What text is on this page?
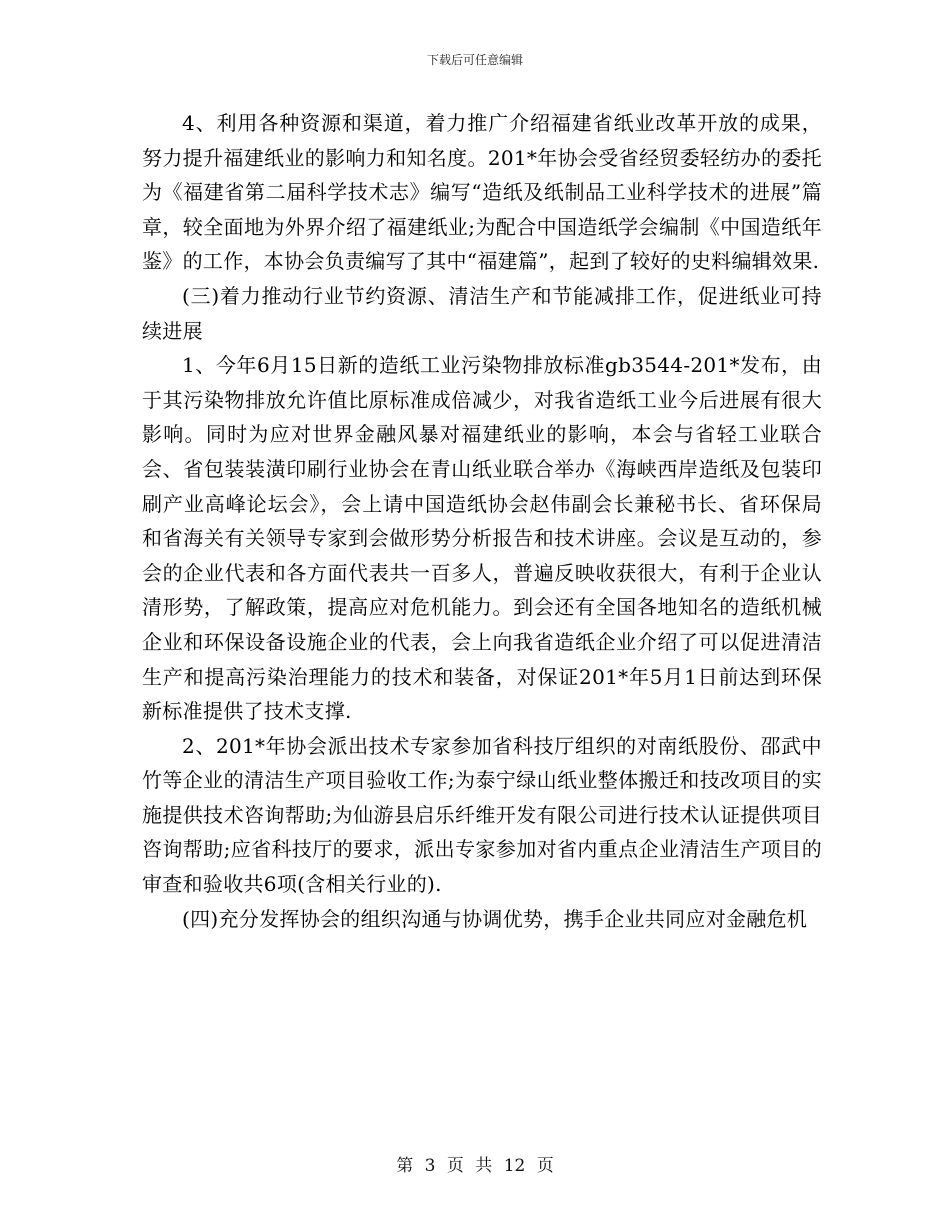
下载后可任意编辑

4、利用各种资源和渠道，着力推广介绍福建省纸业改革开放的成果，努力提升福建纸业的影响力和知名度。201*年协会受省经贸委轻纺办的委托为《福建省第二届科学技术志》编写“造纸及纸制品工业科学技术的进展”篇章，较全面地为外界介绍了福建纸业;为配合中国造纸学会编制《中国造纸年鉴》的工作，本协会负责编写了其中“福建篇”，起到了较好的史料编辑效果.

(三)着力推动行业节约资源、清洁生产和节能减排工作，促进纸业可持续进展

1、今年6月15日新的造纸工业污染物排放标准gb3544-201*发布，由于其污染物排放允许值比原标准成倍减少，对我省造纸工业今后进展有很大影响。同时为应对世界金融风暴对福建纸业的影响，本会与省轻工业联合会、省包装装潢印刷行业协会在青山纸业联合举办《海峡西岸造纸及包装印刷产业高峰论坛会》，会上请中国造纸协会赵伟副会长兼秘书长、省环保局和省海关有关领导专家到会做形势分析报告和技术讲座。会议是互动的，参会的企业代表和各方面代表共一百多人，普遍反映收获很大，有利于企业认清形势，了解政策，提高应对危机能力。到会还有全国各地知名的造纸机械企业和环保设备设施企业的代表，会上向我省造纸企业介绍了可以促进清洁生产和提高污染治理能力的技术和装备，对保证201*年5月1日前达到环保新标准提供了技术支撑.

2、201*年协会派出技术专家参加省科技厅组织的对南纸股份、邵武中竹等企业的清洁生产项目验收工作;为泰宁绿山纸业整体搬迁和技改项目的实施提供技术咨询帮助;为仙游县启乐纤维开发有限公司进行技术认证提供项目咨询帮助;应省科技厅的要求，派出专家参加对省内重点企业清洁生产项目的审查和验收共6项(含相关行业的).

(四)充分发挥协会的组织沟通与协调优势，携手企业共同应对金融危机

第 3 页 共 12 页
